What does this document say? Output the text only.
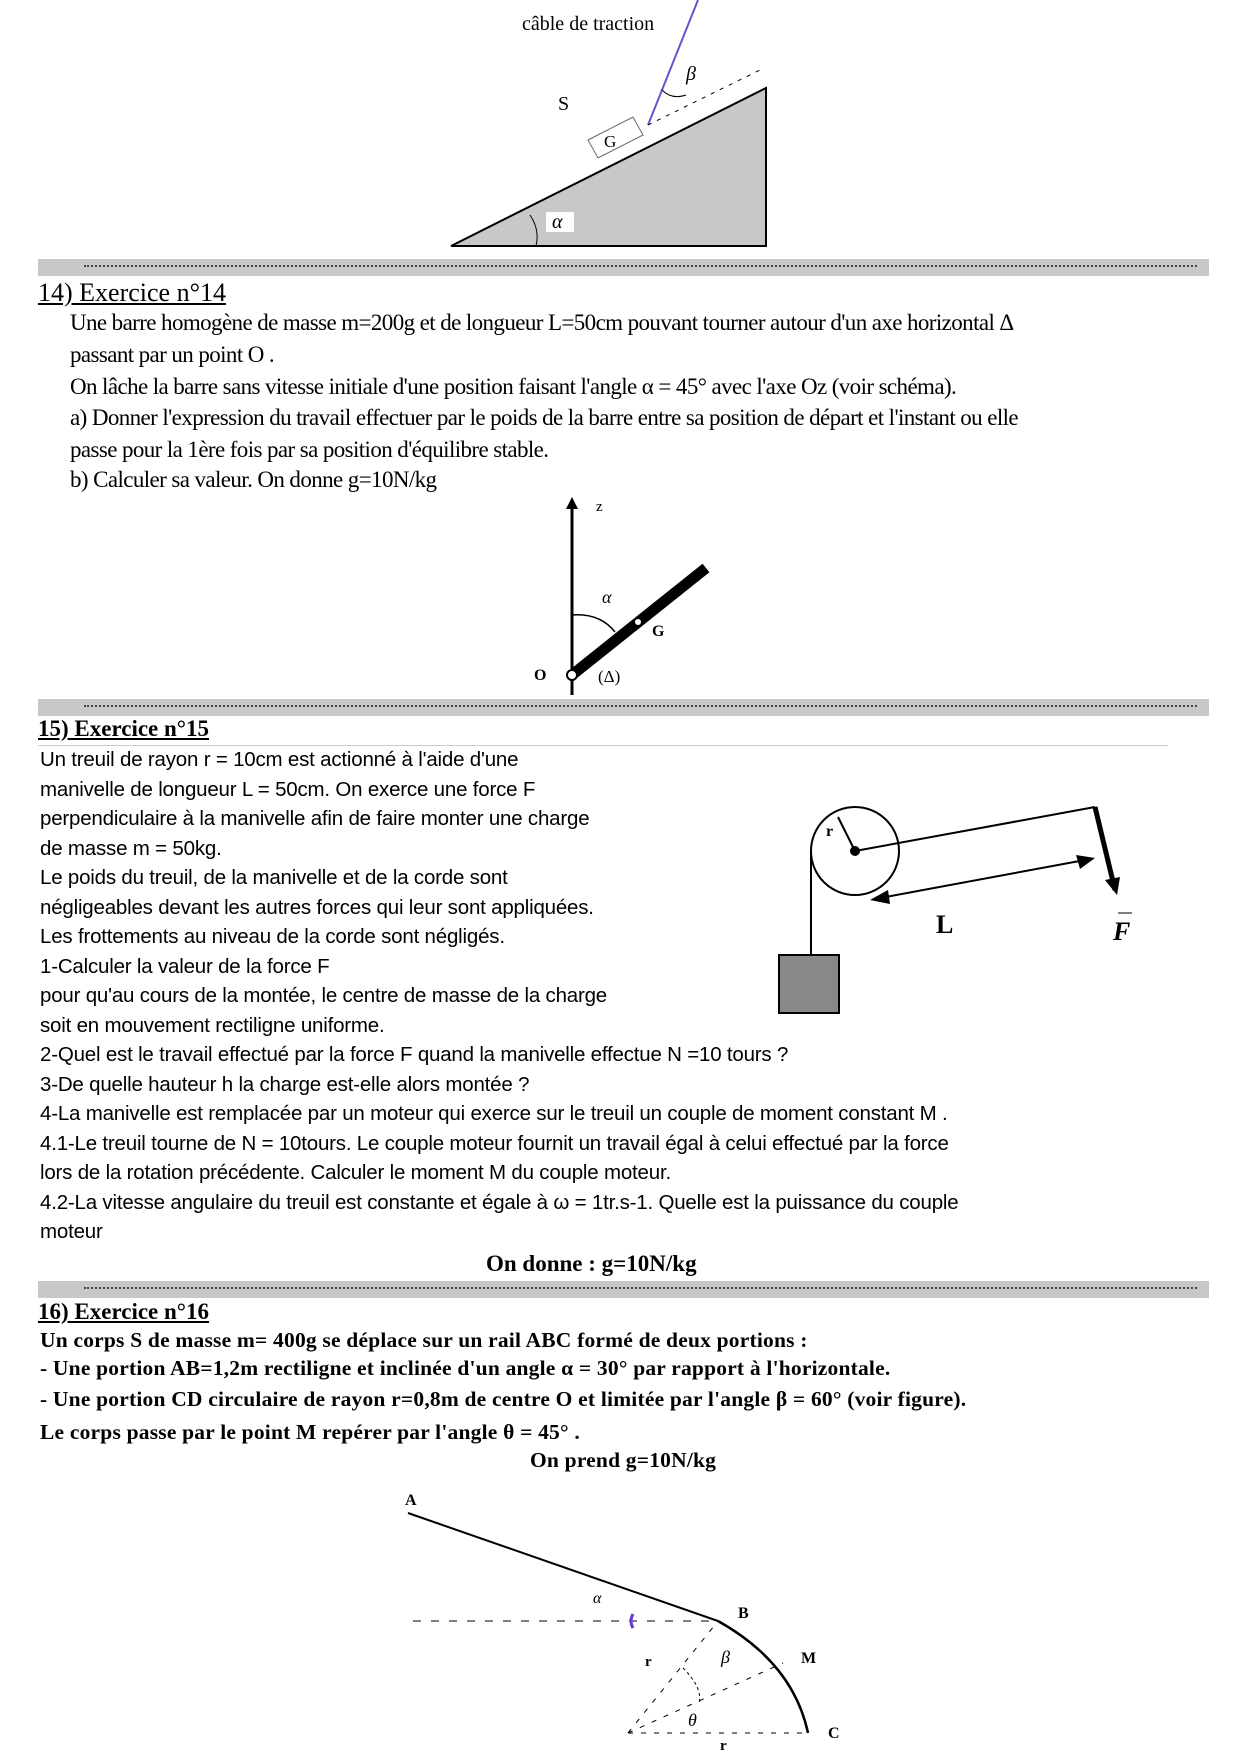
câble de traction
S
G
α
β
14) Exercice n°14
Une barre homogène de masse m=200g et de longueur L=50cm pouvant tourner autour d'un axe horizontal Δ
passant par un point O .
On lâche la barre sans vitesse initiale d'une position faisant l'angle α = 45° avec l'axe Oz (voir schéma).
a) Donner l'expression du travail effectuer par le poids de la barre entre sa position de départ et l'instant ou elle
passe pour la 1ère fois par sa position d'équilibre stable.
b) Calculer sa valeur. On donne g=10N/kg
z
α
G
O	(Δ)
15) Exercice n°15
Un treuil de rayon r = 10cm est actionné à l'aide d'une
manivelle de longueur L = 50cm. On exerce une force F
perpendiculaire à la manivelle afin de faire monter une charge
de masse m = 50kg.
Le poids du treuil, de la manivelle et de la corde sont
négligeables devant les autres forces qui leur sont appliquées.
Les frottements au niveau de la corde sont négligés.
1-Calculer la valeur de la force F
pour qu'au cours de la montée, le centre de masse de la charge
soit en mouvement rectiligne uniforme.
2-Quel est le travail effectué par la force F quand la manivelle effectue N =10 tours ?
3-De quelle hauteur h la charge est-elle alors montée ?
4-La manivelle est remplacée par un moteur qui exerce sur le treuil un couple de moment constant M .
4.1-Le treuil tourne de N = 10tours. Le couple moteur fournit un travail égal à celui effectué par la force
lors de la rotation précédente. Calculer le moment M du couple moteur.
4.2-La vitesse angulaire du treuil est constante et égale à ω = 1tr.s-1. Quelle est la puissance du couple
moteur
On donne : g=10N/kg
r
L	F
16) Exercice n°16
Un corps S de masse m= 400g se déplace sur un rail ABC formé de deux portions :
- Une portion AB=1,2m rectiligne et inclinée d'un angle α = 30° par rapport à l'horizontale.
- Une portion CD circulaire de rayon r=0,8m de centre O et limitée par l'angle β = 60° (voir figure).
Le corps passe par le point M repérer par l'angle θ = 45° .
On prend g=10N/kg
A
B
M
C
r
r
α
β
θ
